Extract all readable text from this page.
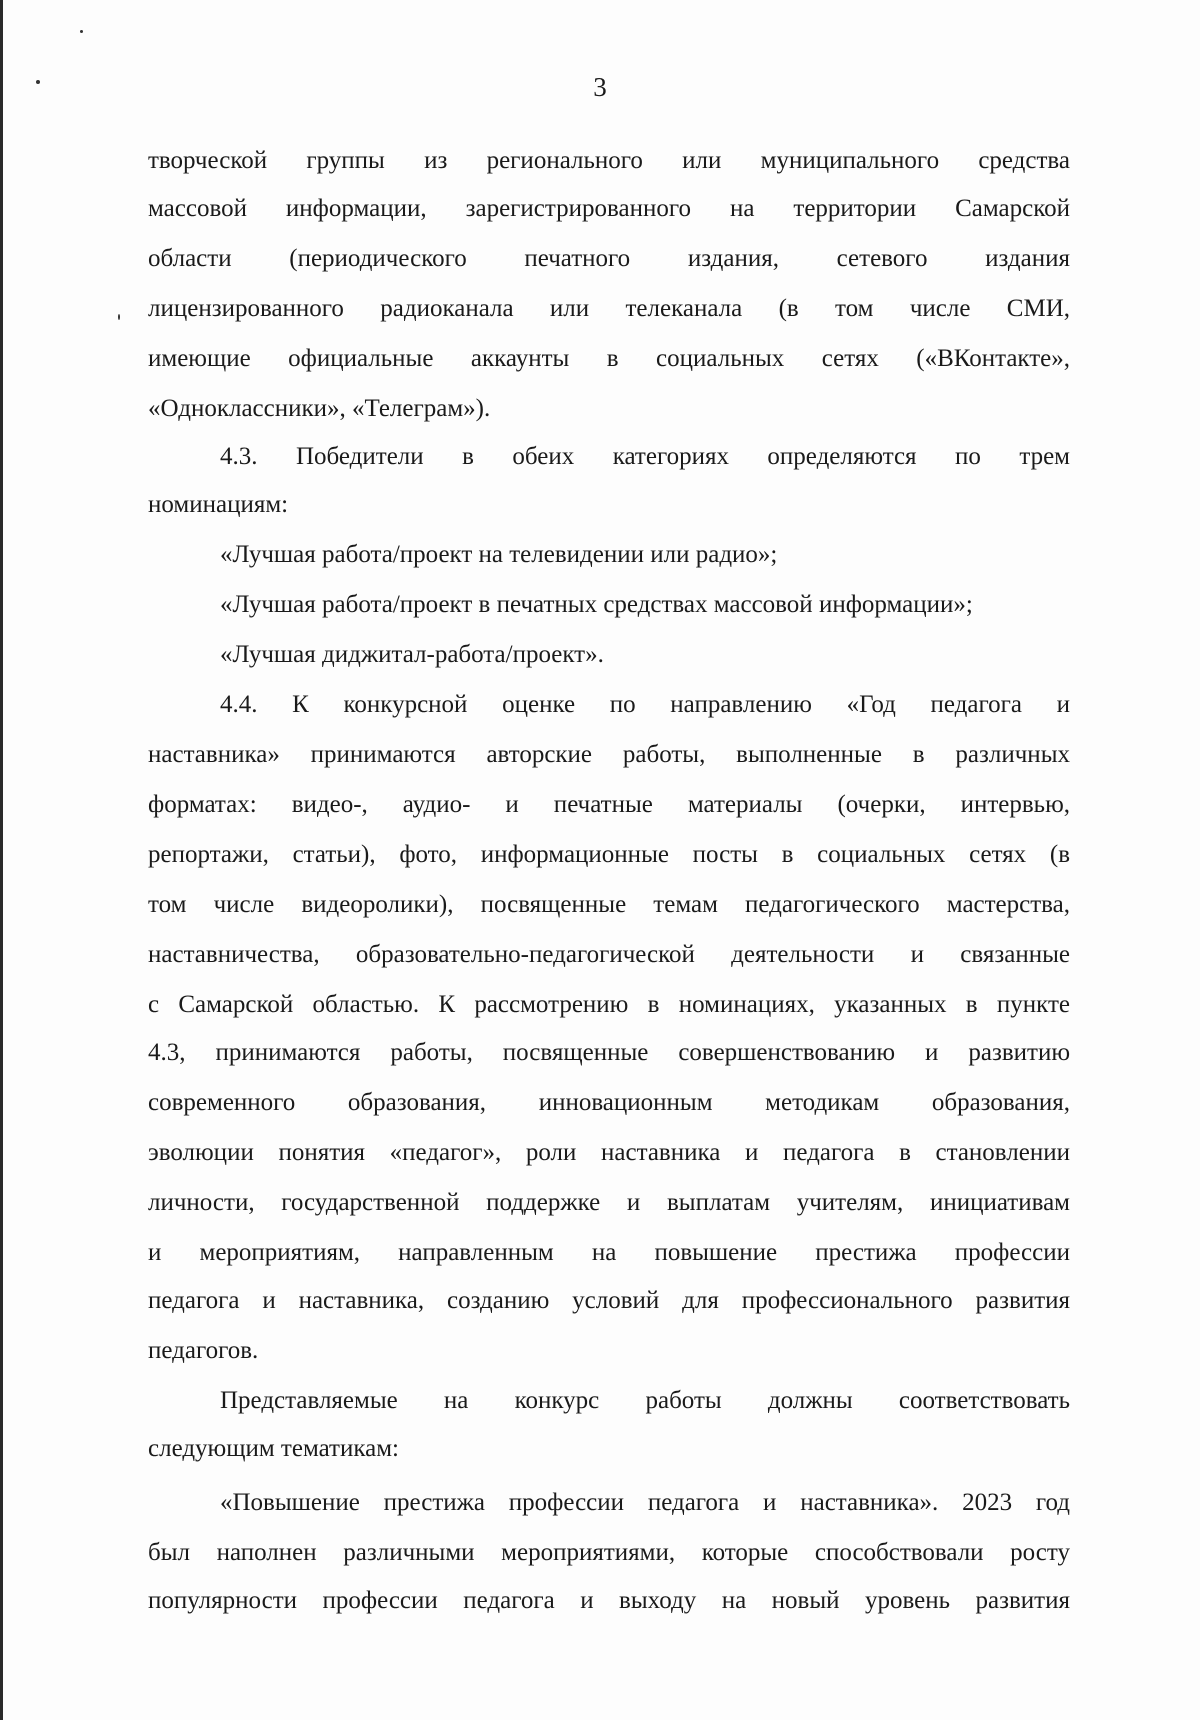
3
творческой группы из регионального или муниципального средства
массовой информации, зарегистрированного на территории Самарской
области (периодического печатного издания, сетевого издания
лицензированного радиоканала или телеканала (в том числе СМИ,
имеющие официальные аккаунты в социальных сетях («ВКонтакте»,
«Одноклассники», «Телеграм»).
4.3. Победители в обеих категориях определяются по трем
номинациям:
«Лучшая работа/проект на телевидении или радио»;
«Лучшая работа/проект в печатных средствах массовой информации»;
«Лучшая диджитал-работа/проект».
4.4. К конкурсной оценке по направлению «Год педагога и
наставника» принимаются авторские работы, выполненные в различных
форматах: видео-, аудио- и печатные материалы (очерки, интервью,
репортажи, статьи), фото, информационные посты в социальных сетях (в
том числе видеоролики), посвященные темам педагогического мастерства,
наставничества, образовательно-педагогической деятельности и связанные
с Самарской областью. К рассмотрению в номинациях, указанных в пункте
4.3, принимаются работы, посвященные совершенствованию и развитию
современного образования, инновационным методикам образования,
эволюции понятия «педагог», роли наставника и педагога в становлении
личности, государственной поддержке и выплатам учителям, инициативам
и мероприятиям, направленным на повышение престижа профессии
педагога и наставника, созданию условий для профессионального развития
педагогов.
Представляемые на конкурс работы должны соответствовать
следующим тематикам:
«Повышение престижа профессии педагога и наставника». 2023 год
был наполнен различными мероприятиями, которые способствовали росту
популярности профессии педагога и выходу на новый уровень развития
